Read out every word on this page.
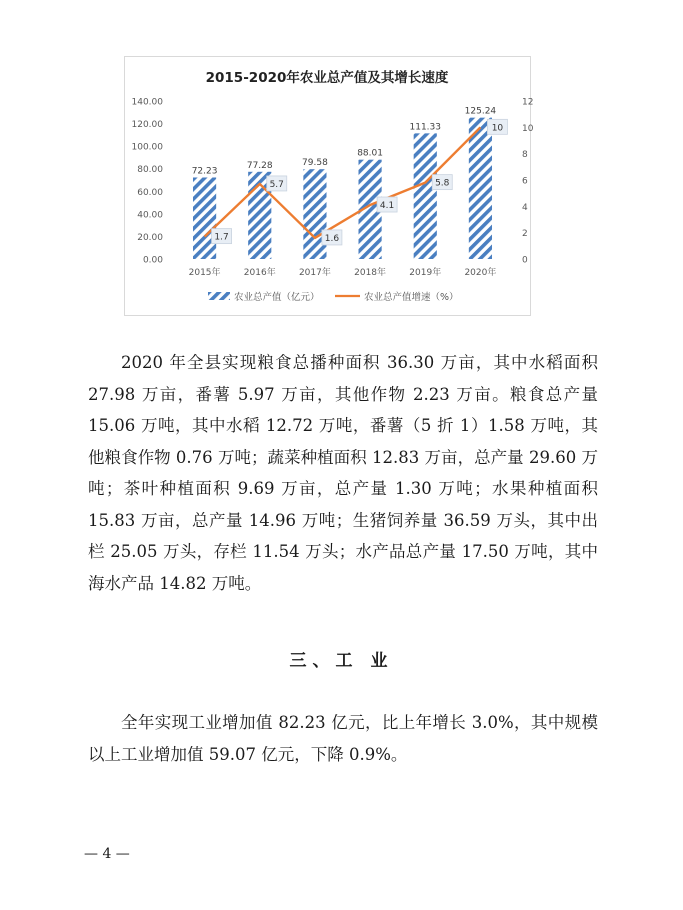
2015-2020年农业总产值及其增长速度
0.00
20.00
40.00
60.00
80.00
100.00
120.00
140.00
0
2
4
6
8
10
12
72.23
77.28	79.58
88.01
111.33
125.24
2015年	2016年	2017年	2018年	2019年	2020年
1.7
5.7
1.6
4.1
5.8
10
农业总产值（亿元）	农业总产值增速（%）

2020 年全县实现粮食总播种面积 36.30 万亩，其中水稻面积 27.98 万亩，番薯 5.97 万亩，其他作物 2.23 万亩。粮食总产量 15.06 万吨，其中水稻 12.72 万吨，番薯（5 折 1）1.58 万吨，其他粮食作物 0.76 万吨；蔬菜种植面积 12.83 万亩，总产量 29.60 万吨；茶叶种植面积 9.69 万亩，总产量 1.30 万吨；水果种植面积 15.83 万亩，总产量 14.96 万吨；生猪饲养量 36.59 万头，其中出栏 25.05 万头，存栏 11.54 万头；水产品总产量 17.50 万吨，其中海水产品 14.82 万吨。

三、工 业

全年实现工业增加值 82.23 亿元，比上年增长 3.0%，其中规模以上工业增加值 59.07 亿元，下降 0.9%。

— 4 —
